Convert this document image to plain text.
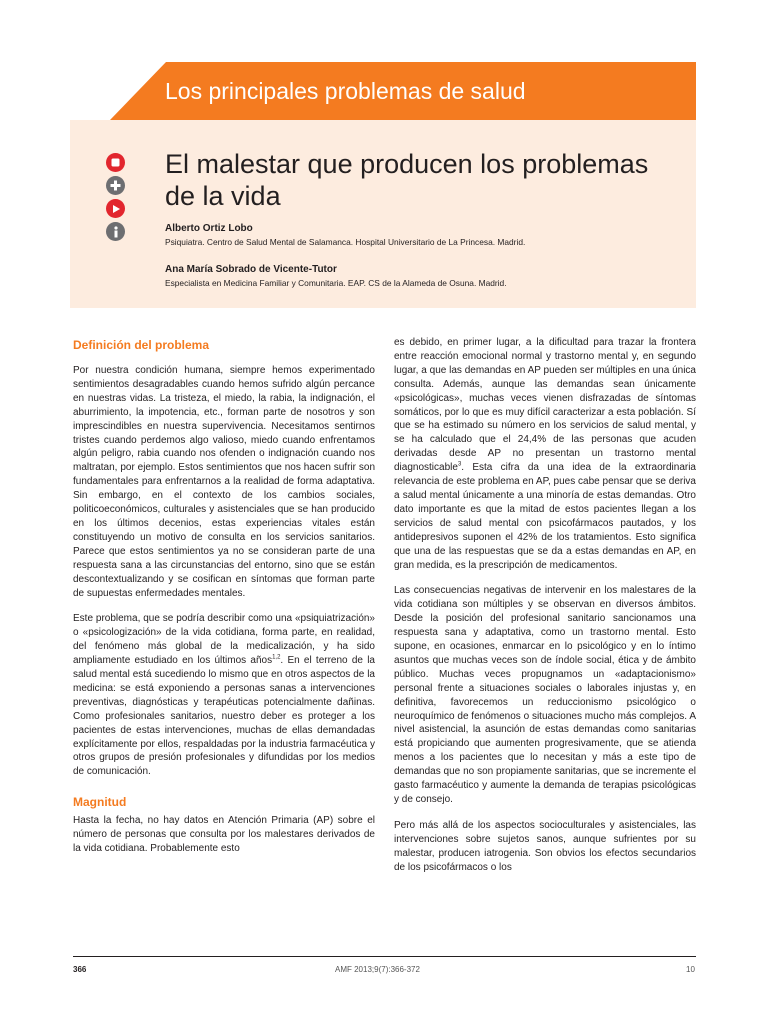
Los principales problemas de salud
El malestar que producen los problemas de la vida
Alberto Ortiz Lobo
Psiquiatra. Centro de Salud Mental de Salamanca. Hospital Universitario de La Princesa. Madrid.
Ana María Sobrado de Vicente-Tutor
Especialista en Medicina Familiar y Comunitaria. EAP. CS de la Alameda de Osuna. Madrid.
Definición del problema

Por nuestra condición humana, siempre hemos experimentado sentimientos desagradables cuando hemos sufrido algún percance en nuestras vidas. La tristeza, el miedo, la rabia, la indignación, el aburrimiento, la impotencia, etc., forman parte de nosotros y son imprescindibles en nuestra supervivencia. Necesitamos sentirnos tristes cuando perdemos algo valioso, miedo cuando enfrentamos algún peligro, rabia cuando nos ofenden o indignación cuando nos maltratan, por ejemplo. Estos sentimientos que nos hacen sufrir son fundamentales para enfrentarnos a la realidad de forma adaptativa. Sin embargo, en el contexto de los cambios sociales, politicoeconómicos, culturales y asistenciales que se han producido en los últimos decenios, estas experiencias vitales están constituyendo un motivo de consulta en los servicios sanitarios. Parece que estos sentimientos ya no se consideran parte de una respuesta sana a las circunstancias del entorno, sino que se están descontextualizando y se cosifican en síntomas que forman parte de supuestas enfermedades mentales.

Este problema, que se podría describir como una «psiquiatrización» o «psicologización» de la vida cotidiana, forma parte, en realidad, del fenómeno más global de la medicalización, y ha sido ampliamente estudiado en los últimos años$^{1,2}$. En el terreno de la salud mental está sucediendo lo mismo que en otros aspectos de la medicina: se está exponiendo a personas sanas a intervenciones preventivas, diagnósticas y terapéuticas potencialmente dañinas. Como profesionales sanitarios, nuestro deber es proteger a los pacientes de estas intervenciones, muchas de ellas demandadas explícitamente por ellos, respaldadas por la industria farmacéutica y otros grupos de presión profesionales y difundidas por los medios de comunicación.

Magnitud

Hasta la fecha, no hay datos en Atención Primaria (AP) sobre el número de personas que consulta por los malestares derivados de la vida cotidiana. Probablemente esto

es debido, en primer lugar, a la dificultad para trazar la frontera entre reacción emocional normal y trastorno mental y, en segundo lugar, a que las demandas en AP pueden ser múltiples en una única consulta. Además, aunque las demandas sean únicamente «psicológicas», muchas veces vienen disfrazadas de síntomas somáticos, por lo que es muy difícil caracterizar a esta población. Sí que se ha estimado su número en los servicios de salud mental, y se ha calculado que el 24,4% de las personas que acuden derivadas desde AP no presentan un trastorno mental diagnosticable$^3$. Esta cifra da una idea de la extraordinaria relevancia de este problema en AP, pues cabe pensar que se deriva a salud mental únicamente a una minoría de estas demandas. Otro dato importante es que la mitad de estos pacientes llegan a los servicios de salud mental con psicofármacos pautados, y los antidepresivos suponen el 42% de los tratamientos. Esto significa que una de las respuestas que se da a estas demandas en AP, en gran medida, es la prescripción de medicamentos.

Las consecuencias negativas de intervenir en los malestares de la vida cotidiana son múltiples y se observan en diversos ámbitos. Desde la posición del profesional sanitario sancionamos una respuesta sana y adaptativa, como un trastorno mental. Esto supone, en ocasiones, enmarcar en lo psicológico y en lo íntimo asuntos que muchas veces son de índole social, ética y de ámbito público. Muchas veces propugnamos un «adaptacionismo» personal frente a situaciones sociales o laborales injustas y, en definitiva, favorecemos un reduccionismo psicológico o neuroquímico de fenómenos o situaciones mucho más complejos. A nivel asistencial, la asunción de estas demandas como sanitarias está propiciando que aumenten progresivamente, que se atienda menos a los pacientes que lo necesitan y más a este tipo de demandas que no son propiamente sanitarias, que se incremente el gasto farmacéutico y aumente la demanda de terapias psicológicas y de consejo.

Pero más allá de los aspectos socioculturales y asistenciales, las intervenciones sobre sujetos sanos, aunque sufrientes por su malestar, producen iatrogenia. Son obvios los efectos secundarios de los psicofármacos o los

366	AMF 2013;9(7):366-372	10
